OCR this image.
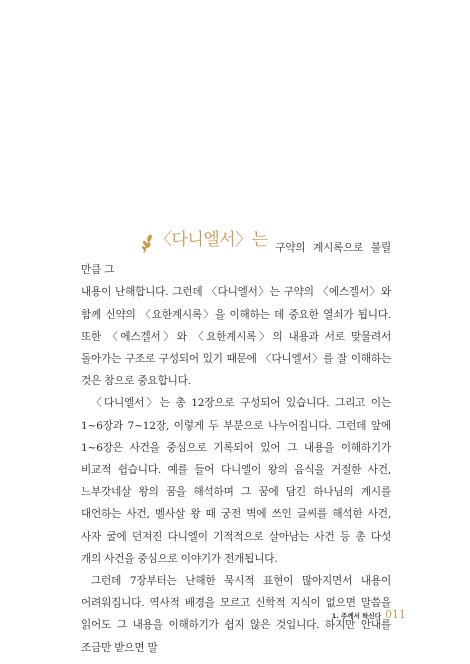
〈다니엘서〉는 구약의 계시록으로 불릴 만큼 그

내용이 난해합니다. 그런데 〈다니엘서〉는 구약의 〈에스겔서〉와 함께 신약의 〈요한계시록〉을 이해하는 데 중요한 열쇠가 됩니다. 또한 〈에스겔서〉와 〈요한계시록〉의 내용과 서로 맞물려서 돌아가는 구조로 구성되어 있기 때문에 〈다니엘서〉를 잘 이해하는 것은 참으로 중요합니다.

〈다니엘서〉는 총 12장으로 구성되어 있습니다. 그리고 이는 1~6장과 7~12장, 이렇게 두 부분으로 나누어집니다. 그런데 앞에 1~6장은 사건을 중심으로 기록되어 있어 그 내용을 이해하기가 비교적 쉽습니다. 예를 들어 다니엘이 왕의 음식을 거절한 사건, 느부갓네살 왕의 꿈을 해석하며 그 꿈에 담긴 하나님의 계시를 대언하는 사건, 벨사살 왕 때 궁전 벽에 쓰인 글씨를 해석한 사건, 사자 굴에 던져진 다니엘이 기적적으로 살아남는 사건 등 총 다섯 개의 사건을 중심으로 이야기가 전개됩니다.

그런데 7장부터는 난해한 묵시적 표현이 많아지면서 내용이 어려워집니다. 역사적 배경을 모르고 신학적 지식이 없으면 말씀을 읽어도 그 내용을 이해하기가 쉽지 않은 것입니다. 하지만 안내를 조금만 받으면 말

1. 주께서 하신다 011
